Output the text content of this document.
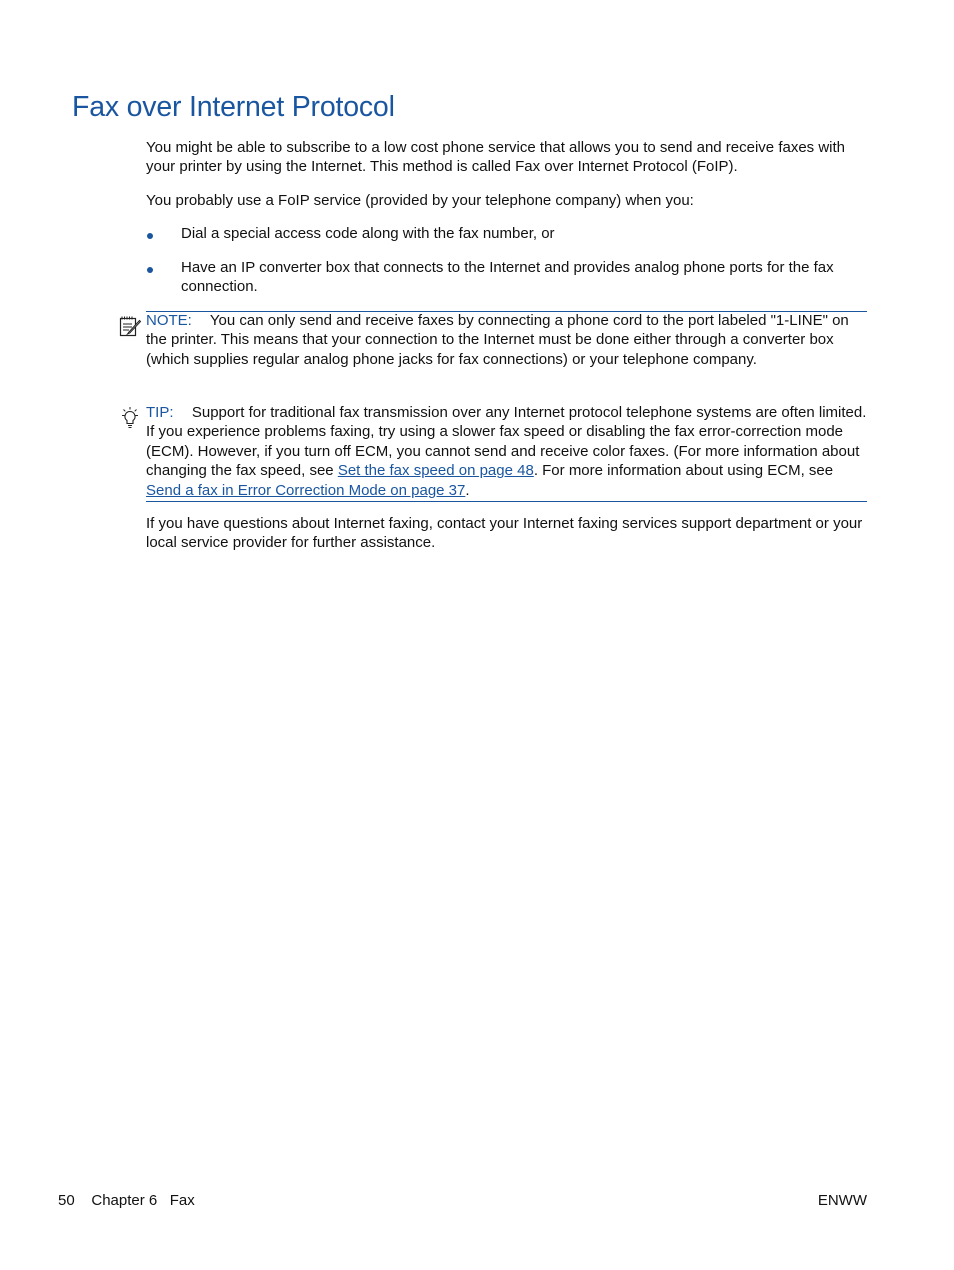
Fax over Internet Protocol

You might be able to subscribe to a low cost phone service that allows you to send and receive faxes with your printer by using the Internet. This method is called Fax over Internet Protocol (FoIP).

You probably use a FoIP service (provided by your telephone company) when you:

Dial a special access code along with the fax number, or

Have an IP converter box that connects to the Internet and provides analog phone ports for the fax connection.

NOTE: You can only send and receive faxes by connecting a phone cord to the port labeled "1-LINE" on the printer. This means that your connection to the Internet must be done either through a converter box (which supplies regular analog phone jacks for fax connections) or your telephone company.

TIP: Support for traditional fax transmission over any Internet protocol telephone systems are often limited. If you experience problems faxing, try using a slower fax speed or disabling the fax error-correction mode (ECM). However, if you turn off ECM, you cannot send and receive color faxes. (For more information about changing the fax speed, see Set the fax speed on page 48. For more information about using ECM, see Send a fax in Error Correction Mode on page 37.

If you have questions about Internet faxing, contact your Internet faxing services support department or your local service provider for further assistance.

50 Chapter 6 Fax	ENWW
